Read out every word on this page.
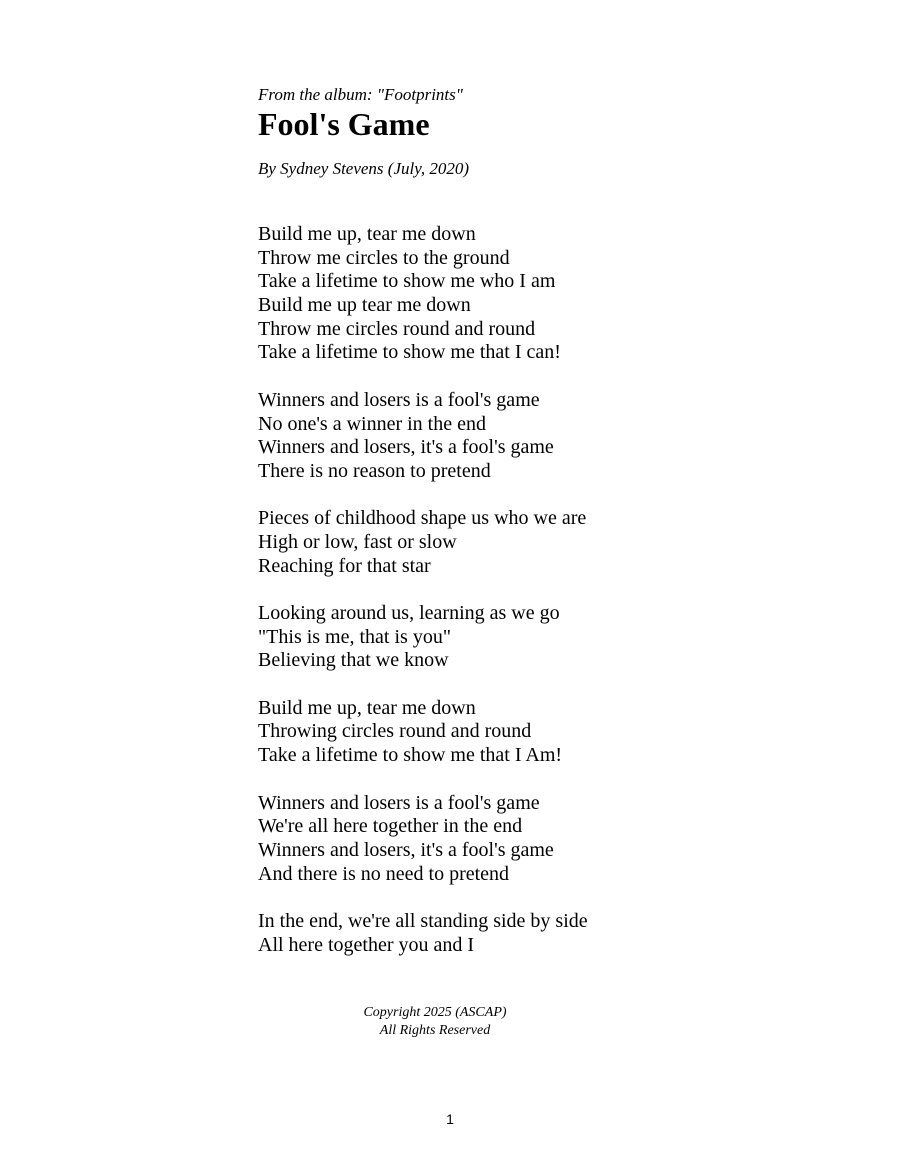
From the album: "Footprints"
Fool's Game
By Sydney Stevens (July, 2020)
Build me up, tear me down
Throw me circles to the ground
Take a lifetime to show me who I am
Build me up tear me down
Throw me circles round and round
Take a lifetime to show me that I can!
Winners and losers is a fool's game
No one's a winner in the end
Winners and losers, it's a fool's game
There is no reason to pretend
Pieces of childhood shape us who we are
High or low, fast or slow
Reaching for that star
Looking around us, learning as we go
"This is me, that is you"
Believing that we know
Build me up, tear me down
Throwing circles round and round
Take a lifetime to show me that I Am!
Winners and losers is a fool's game
We're all here together in the end
Winners and losers, it's a fool's game
And there is no need to pretend
In the end, we're all standing side by side
All here together you and I
Copyright 2025 (ASCAP)
All Rights Reserved
1
